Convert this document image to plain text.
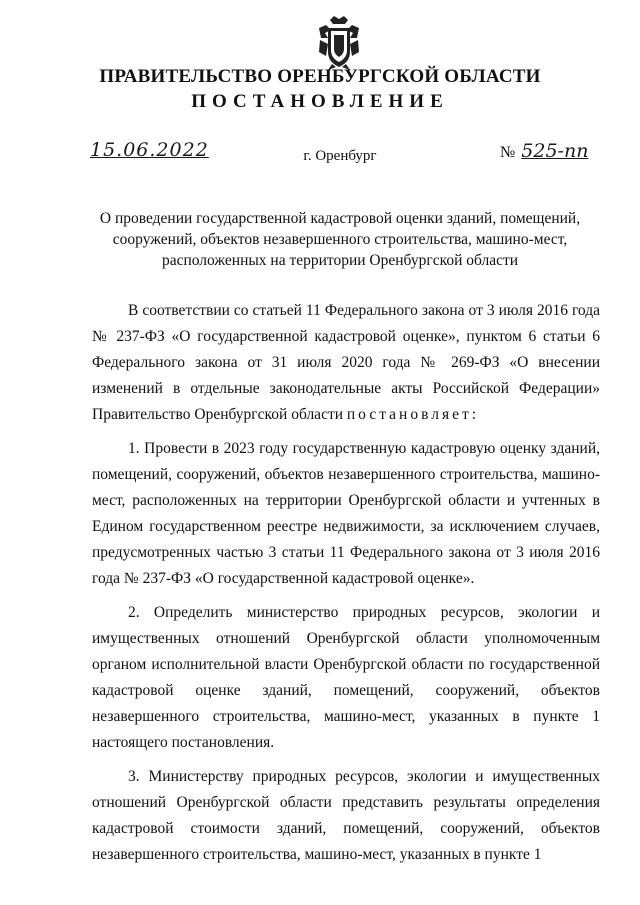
ПРАВИТЕЛЬСТВО ОРЕНБУРГСКОЙ ОБЛАСТИ
ПОСТАНОВЛЕНИЕ
15.06.2022	г. Оренбург	№ 525-пп
О проведении государственной кадастровой оценки зданий, помещений,
сооружений, объектов незавершенного строительства, машино-мест,
расположенных на территории Оренбургской области

В соответствии со статьей 11 Федерального закона от 3 июля 2016 года № 237-ФЗ «О государственной кадастровой оценке», пунктом 6 статьи 6 Федерального закона от 31 июля 2020 года № 269-ФЗ «О внесении изменений в отдельные законодательные акты Российской Федерации» Правительство Оренбургской области постановляет:

1. Провести в 2023 году государственную кадастровую оценку зданий, помещений, сооружений, объектов незавершенного строительства, машино-мест, расположенных на территории Оренбургской области и учтенных в Едином государственном реестре недвижимости, за исключением случаев, предусмотренных частью 3 статьи 11 Федерального закона от 3 июля 2016 года № 237-ФЗ «О государственной кадастровой оценке».

2. Определить министерство природных ресурсов, экологии и имущественных отношений Оренбургской области уполномоченным органом исполнительной власти Оренбургской области по государственной кадастровой оценке зданий, помещений, сооружений, объектов незавершенного строительства, машино-мест, указанных в пункте 1 настоящего постановления.

3. Министерству природных ресурсов, экологии и имущественных отношений Оренбургской области представить результаты определения кадастровой стоимости зданий, помещений, сооружений, объектов незавершенного строительства, машино-мест, указанных в пункте 1
